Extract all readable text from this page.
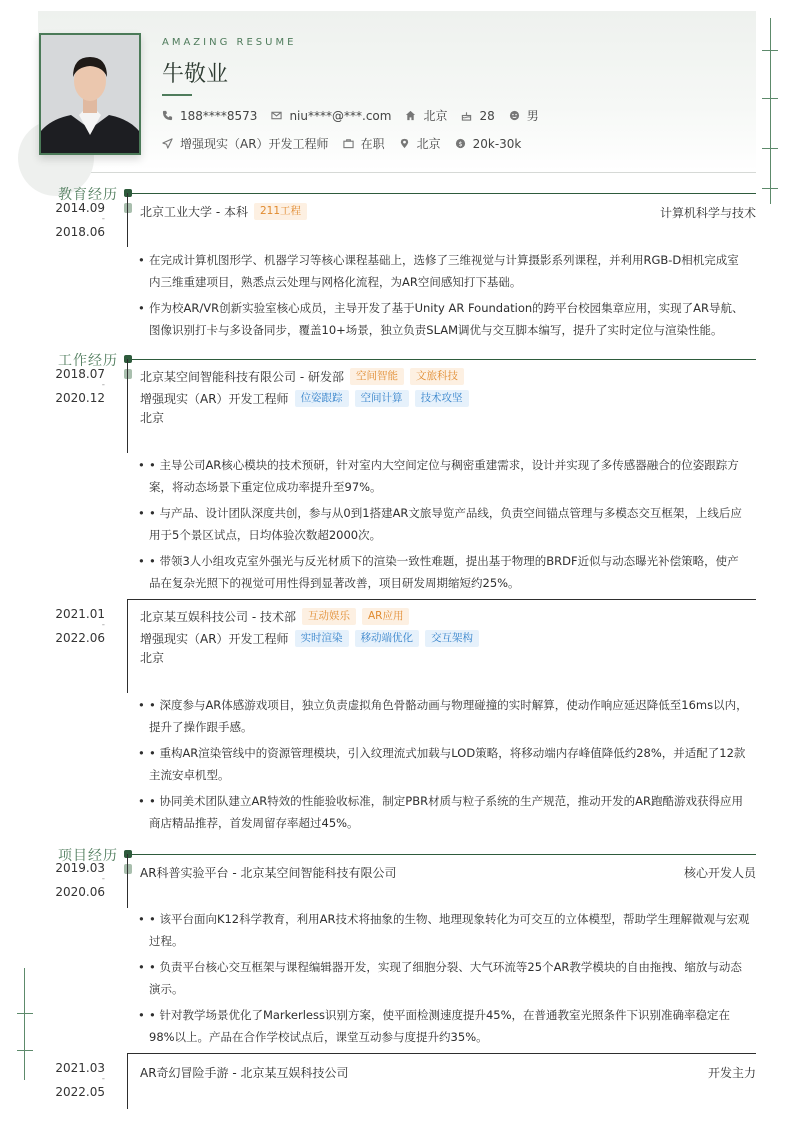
AMAZING RESUME
牛敬业
188****8573	niu****@***.com	北京	28	男
增强现实（AR）开发工程师	在职	北京 $ 20k-30k
教育经历
2014.09
-
2018.06
北京工业大学 - 本科	211工程	计算机科学与技术
• 在完成计算机图形学、机器学习等核心课程基础上，选修了三维视觉与计算摄影系列课程，并利用RGB-D相机完成室内三维重建项目，熟悉点云处理与网格化流程，为AR空间感知打下基础。
• 作为校AR/VR创新实验室核心成员，主导开发了基于Unity AR Foundation的跨平台校园集章应用，实现了AR导航、图像识别打卡与多设备同步，覆盖10+场景，独立负责SLAM调优与交互脚本编写，提升了实时定位与渲染性能。
工作经历
2018.07
-
2020.12
北京某空间智能科技有限公司 - 研发部	空间智能	文旅科技
增强现实（AR）开发工程师	位姿跟踪	空间计算	技术攻坚
北京
• • 主导公司AR核心模块的技术预研，针对室内大空间定位与稠密重建需求，设计并实现了多传感器融合的位姿跟踪方案，将动态场景下重定位成功率提升至97%。
• • 与产品、设计团队深度共创，参与从0到1搭建AR文旅导览产品线，负责空间锚点管理与多模态交互框架，上线后应用于5个景区试点，日均体验次数超2000次。
• • 带领3人小组攻克室外强光与反光材质下的渲染一致性难题，提出基于物理的BRDF近似与动态曝光补偿策略，使产品在复杂光照下的视觉可用性得到显著改善，项目研发周期缩短约25%。
2021.01
-
2022.06
北京某互娱科技公司 - 技术部	互动娱乐	AR应用
增强现实（AR）开发工程师	实时渲染	移动端优化	交互架构
北京
• • 深度参与AR体感游戏项目，独立负责虚拟角色骨骼动画与物理碰撞的实时解算，使动作响应延迟降低至16ms以内，提升了操作跟手感。
• • 重构AR渲染管线中的资源管理模块，引入纹理流式加载与LOD策略，将移动端内存峰值降低约28%，并适配了12款主流安卓机型。
• • 协同美术团队建立AR特效的性能验收标准，制定PBR材质与粒子系统的生产规范，推动开发的AR跑酷游戏获得应用商店精品推荐，首发周留存率超过45%。
项目经历
2019.03
-
2020.06
AR科普实验平台 - 北京某空间智能科技有限公司	核心开发人员
• • 该平台面向K12科学教育，利用AR技术将抽象的生物、地理现象转化为可交互的立体模型，帮助学生理解微观与宏观过程。
• • 负责平台核心交互框架与课程编辑器开发，实现了细胞分裂、大气环流等25个AR教学模块的自由拖拽、缩放与动态演示。
• • 针对教学场景优化了Markerless识别方案，使平面检测速度提升45%，在普通教室光照条件下识别准确率稳定在98%以上。产品在合作学校试点后，课堂互动参与度提升约35%。
2021.03
-
2022.05
AR奇幻冒险手游 - 北京某互娱科技公司	开发主力
